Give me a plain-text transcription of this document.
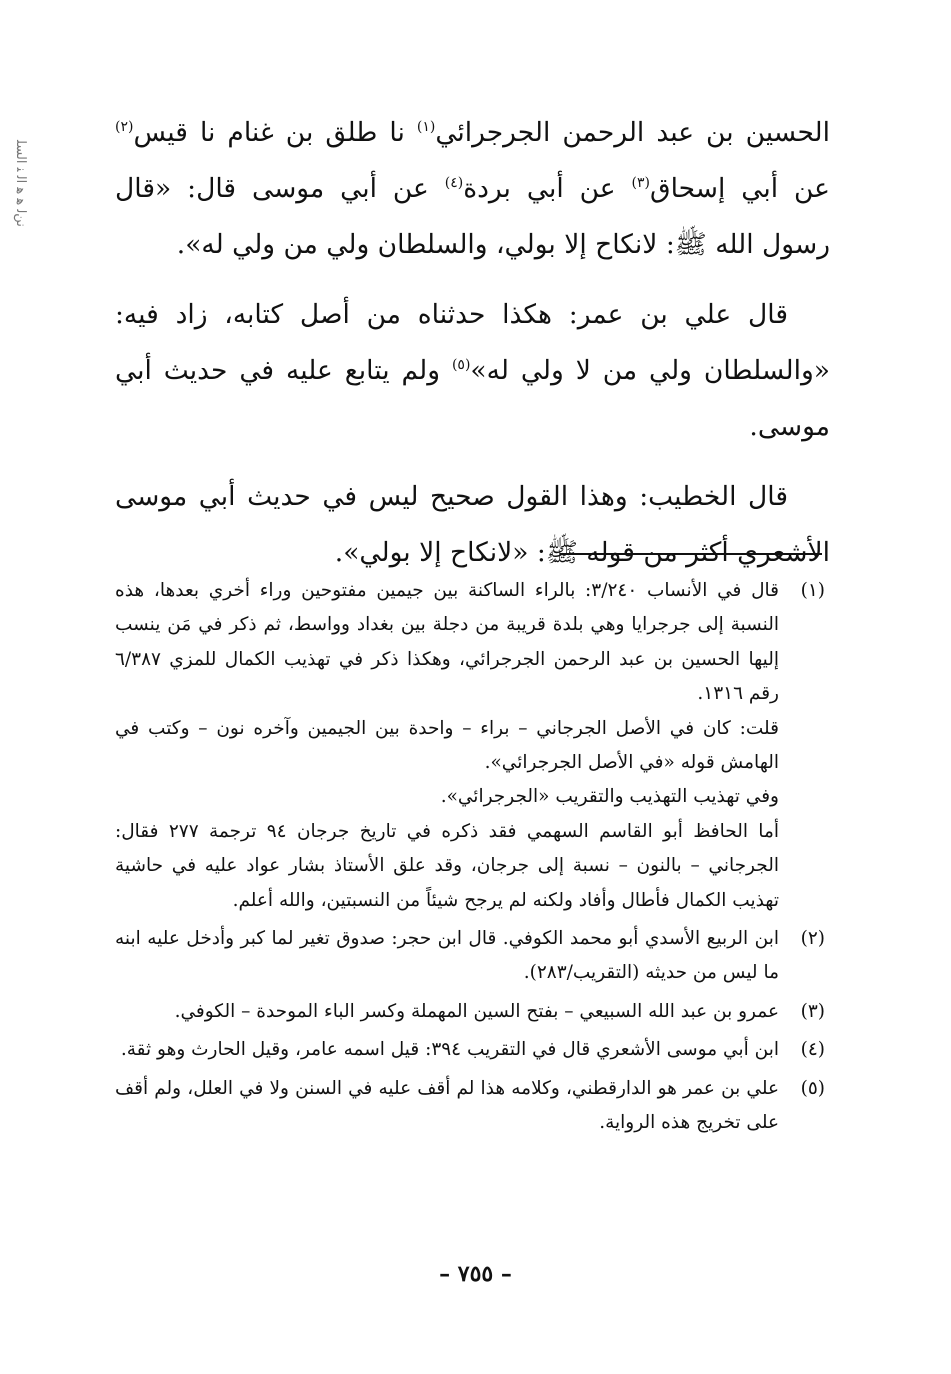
ﻧﻦﻟ ﻫ ﻫ ﺍﻟ ﻨ ﺍﻟﺴﻠ

الحسين بن عبد الرحمن الجرجرائي$^{(١)}$ نا طلق بن غنام نا قيس$^{(٢)}$ عن أبي إسحاق$^{(٣)}$ عن أبي بردة$^{(٤)}$ عن أبي موسى قال: «قال رسول الله ﷺ: لانكاح إلا بولي، والسلطان ولي من ولي له».

قال علي بن عمر: هكذا حدثناه من أصل كتابه، زاد فيه: «والسلطان ولي من لا ولي له»$^{(٥)}$ ولم يتابع عليه في حديث أبي موسى.

قال الخطيب: وهذا القول صحيح ليس في حديث أبي موسى الأشعري أكثر من قوله ﷺ: «لانكاح إلا بولي».

(١)

قال في الأنساب ٣/٢٤٠: بالراء الساكنة بين جيمين مفتوحين وراء أخري بعدها، هذه النسبة إلى جرجرايا وهي بلدة قريبة من دجلة بين بغداد وواسط، ثم ذكر في مَن ينسب إليها الحسين بن عبد الرحمن الجرجرائي، وهكذا ذكر في تهذيب الكمال للمزي ٦/٣٨٧ رقم ١٣١٦.

قلت: كان في الأصل الجرجاني – براء – واحدة بين الجيمين وآخره نون – وكتب في الهامش قوله «في الأصل الجرجرائي».

وفي تهذيب التهذيب والتقريب «الجرجرائي».

أما الحافظ أبو القاسم السهمي فقد ذكره في تاريخ جرجان ٩٤ ترجمة ٢٧٧ فقال: الجرجاني – بالنون – نسبة إلى جرجان، وقد علق الأستاذ بشار عواد عليه في حاشية تهذيب الكمال فأطال وأفاد ولكنه لم يرجح شيئاً من النسبتين، والله أعلم.

(٢)

ابن الربيع الأسدي أبو محمد الكوفي. قال ابن حجر: صدوق تغير لما كبر وأدخل عليه ابنه ما ليس من حديثه (التقريب/٢٨٣).

(٣)

عمرو بن عبد الله السبيعي – بفتح السين المهملة وكسر الباء الموحدة – الكوفي.

(٤)

ابن أبي موسى الأشعري قال في التقريب ٣٩٤: قيل اسمه عامر، وقيل الحارث وهو ثقة.

(٥)

علي بن عمر هو الدارقطني، وكلامه هذا لم أقف عليه في السنن ولا في العلل، ولم أقف على تخريج هذه الرواية.

– ٧٥٥ –
